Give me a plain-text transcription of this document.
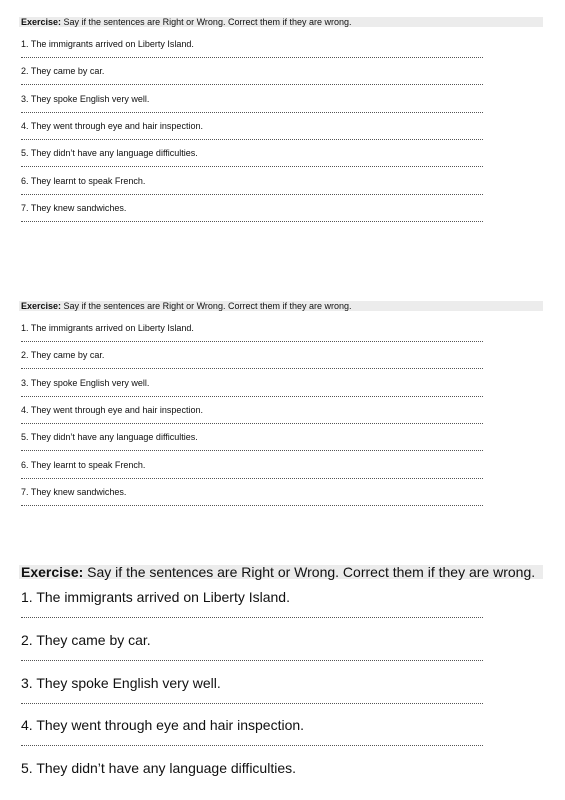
Exercise: Say if the sentences are Right or Wrong. Correct them if they are wrong.
1. The immigrants arrived on Liberty Island.
2. They came by car.
3. They spoke English very well.
4. They went through eye and hair inspection.
5. They didn’t have any language difficulties.
6. They learnt to speak French.
7. They knew sandwiches.
Exercise: Say if the sentences are Right or Wrong. Correct them if they are wrong.
1. The immigrants arrived on Liberty Island.
2. They came by car.
3. They spoke English very well.
4. They went through eye and hair inspection.
5. They didn’t have any language difficulties.
6. They learnt to speak French.
7. They knew sandwiches.
Exercise: Say if the sentences are Right or Wrong. Correct them if they are wrong.
1. The immigrants arrived on Liberty Island.
2. They came by car.
3. They spoke English very well.
4. They went through eye and hair inspection.
5. They didn’t have any language difficulties.
